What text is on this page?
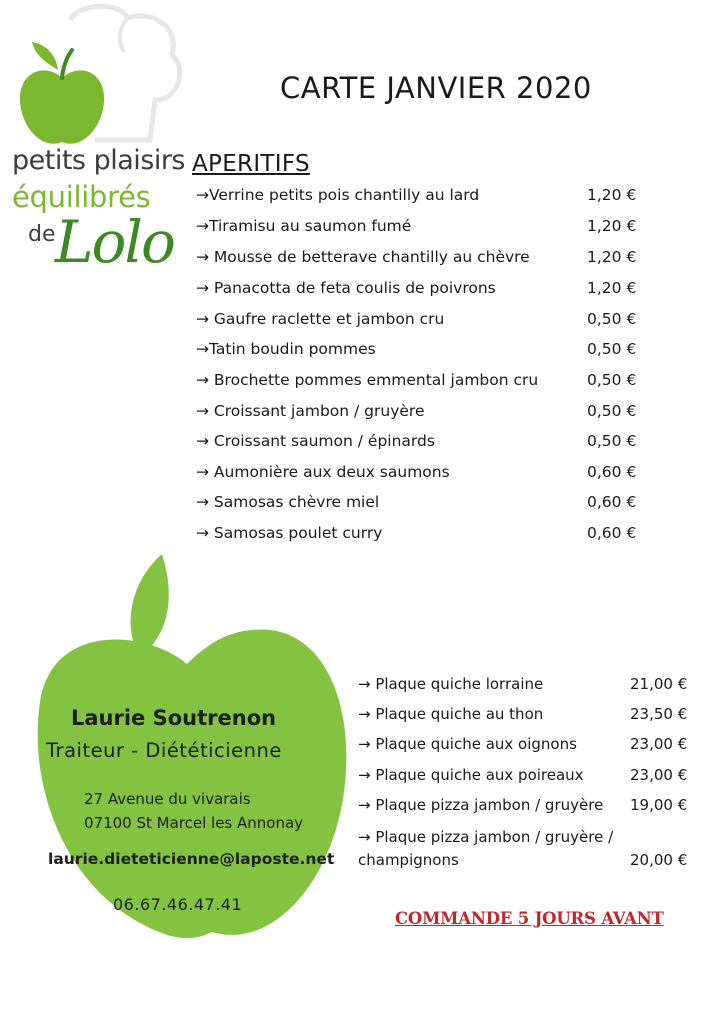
petits plaisirs
équilibrés
de Lolo
CARTE JANVIER 2020
APERITIFS
→Verrine petits pois chantilly au lard	1,20 €
→Tiramisu au saumon fumé	1,20 €
→ Mousse de betterave chantilly au chèvre	1,20 €
→ Panacotta de feta coulis de poivrons	1,20 €
→ Gaufre raclette et jambon cru	0,50 €
→Tatin boudin pommes	0,50 €
→ Brochette pommes emmental jambon cru	0,50 €
→ Croissant jambon / gruyère	0,50 €
→ Croissant saumon / épinards	0,50 €
→ Aumonière aux deux saumons	0,60 €
→ Samosas chèvre miel	0,60 €
→ Samosas poulet curry	0,60 €
Laurie Soutrenon
Traiteur - Diététicienne
27 Avenue du vivarais
07100 St Marcel les Annonay
laurie.dieteticienne@laposte.net
06.67.46.47.41
→ Plaque quiche lorraine	21,00 €
→ Plaque quiche au thon	23,50 €
→ Plaque quiche aux oignons	23,00 €
→ Plaque quiche aux poireaux	23,00 €
→ Plaque pizza jambon / gruyère 19,00 €
→ Plaque pizza jambon / gruyère /
champignons	20,00 €
COMMANDE 5 JOURS AVANT
